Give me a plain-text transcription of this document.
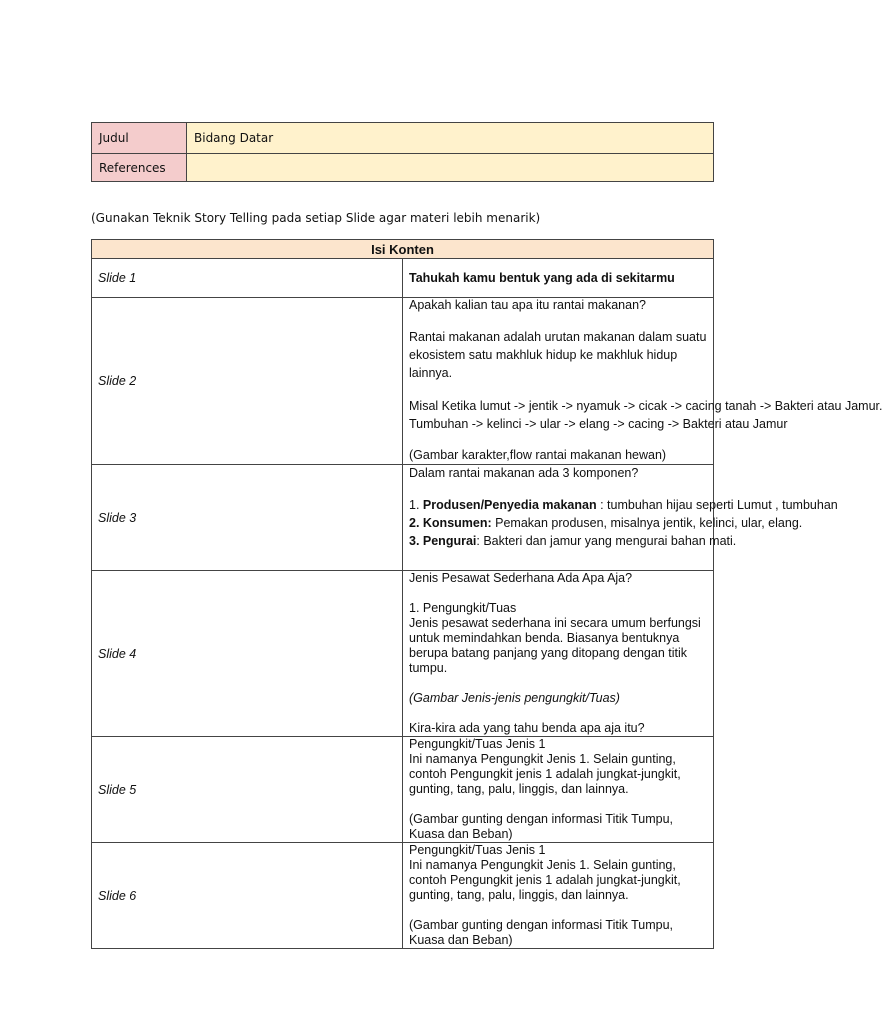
Judul	Bidang Datar
References	
(Gunakan Teknik Story Telling pada setiap Slide agar materi lebih menarik)
Isi Konten	
Slide 1	Tahukah kamu bentuk yang ada di sekitarmu
Slide 2	Apakah kalian tau apa itu rantai makanan?

Rantai makanan adalah urutan makanan dalam suatu ekosistem satu makhluk hidup ke makhluk hidup lainnya.

Misal Ketika lumut -> jentik -> nyamuk -> cicak -> cacing tanah -> Bakteri atau Jamur.

Tumbuhan -> kelinci -> ular -> elang -> cacing -> Bakteri atau Jamur

(Gambar karakter,flow rantai makanan hewan)

Slide 3	Dalam rantai makanan ada 3 komponen?

1. Produsen/Penyedia makanan : tumbuhan hijau seperti Lumut , tumbuhan

2. Konsumen: Pemakan produsen, misalnya jentik, kelinci, ular, elang.

3. Pengurai: Bakteri dan jamur yang mengurai bahan mati.

Slide 4	Jenis Pesawat Sederhana Ada Apa Aja?

1. Pengungkit/Tuas

Jenis pesawat sederhana ini secara umum berfungsi untuk memindahkan benda. Biasanya bentuknya berupa batang panjang yang ditopang dengan titik tumpu.

(Gambar Jenis-jenis pengungkit/Tuas)

Kira-kira ada yang tahu benda apa aja itu?

Slide 5	Pengungkit/Tuas Jenis 1

Ini namanya Pengungkit Jenis 1. Selain gunting, contoh Pengungkit jenis 1 adalah jungkat-jungkit, gunting, tang, palu, linggis, dan lainnya.

(Gambar gunting dengan informasi Titik Tumpu, Kuasa dan Beban)

Slide 6	Pengungkit/Tuas Jenis 1

Ini namanya Pengungkit Jenis 1. Selain gunting, contoh Pengungkit jenis 1 adalah jungkat-jungkit, gunting, tang, palu, linggis, dan lainnya.

(Gambar gunting dengan informasi Titik Tumpu, Kuasa dan Beban)
